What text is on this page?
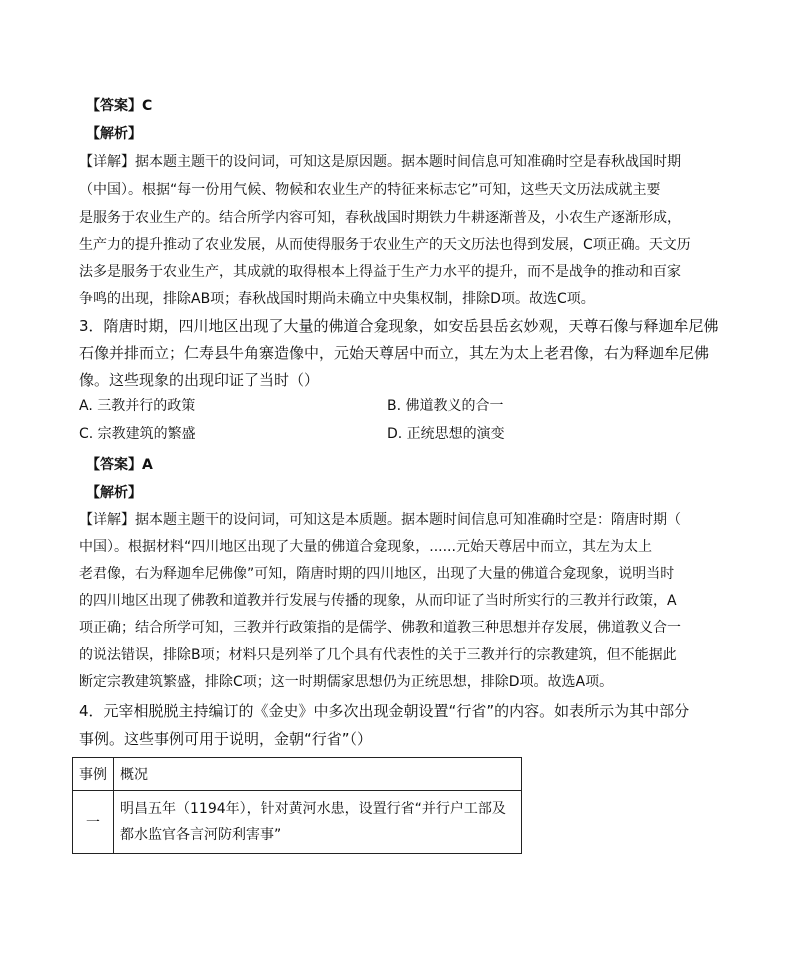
【答案】C
【解析】
【详解】据本题主题干的设问词，可知这是原因题。据本题时间信息可知准确时空是春秋战国时期
（中国）。根据“每一份用气候、物候和农业生产的特征来标志它”可知，这些天文历法成就主要
是服务于农业生产的。结合所学内容可知，春秋战国时期铁力牛耕逐渐普及，小农生产逐渐形成，
生产力的提升推动了农业发展，从而使得服务于农业生产的天文历法也得到发展，C项正确。天文历
法多是服务于农业生产，其成就的取得根本上得益于生产力水平的提升，而不是战争的推动和百家
争鸣的出现，排除AB项；春秋战国时期尚未确立中央集权制，排除D项。故选C项。
3．隋唐时期，四川地区出现了大量的佛道合龛现象，如安岳县岳玄妙观，天尊石像与释迦牟尼佛
石像并排而立；仁寿县牛角寨造像中，元始天尊居中而立，其左为太上老君像，右为释迦牟尼佛
像。这些现象的出现印证了当时（）
A. 三教并行的政策	B. 佛道教义的合一
C. 宗教建筑的繁盛	D. 正统思想的演变
【答案】A
【解析】
【详解】据本题主题干的设问词，可知这是本质题。据本题时间信息可知准确时空是：隋唐时期（
中国）。根据材料“四川地区出现了大量的佛道合龛现象，......元始天尊居中而立，其左为太上
老君像，右为释迦牟尼佛像”可知，隋唐时期的四川地区，出现了大量的佛道合龛现象，说明当时
的四川地区出现了佛教和道教并行发展与传播的现象，从而印证了当时所实行的三教并行政策，A
项正确；结合所学可知，三教并行政策指的是儒学、佛教和道教三种思想并存发展，佛道教义合一
的说法错误，排除B项；材料只是列举了几个具有代表性的关于三教并行的宗教建筑，但不能据此
断定宗教建筑繁盛，排除C项；这一时期儒家思想仍为正统思想，排除D项。故选A项。
4．元宰相脱脱主持编订的《金史》中多次出现金朝设置“行省”的内容。如表所示为其中部分
事例。这些事例可用于说明，金朝“行省”（）
事例	概况
一	明昌五年（1194年），针对黄河水患，设置行省“并行户工部及
都水监官各言河防利害事”
